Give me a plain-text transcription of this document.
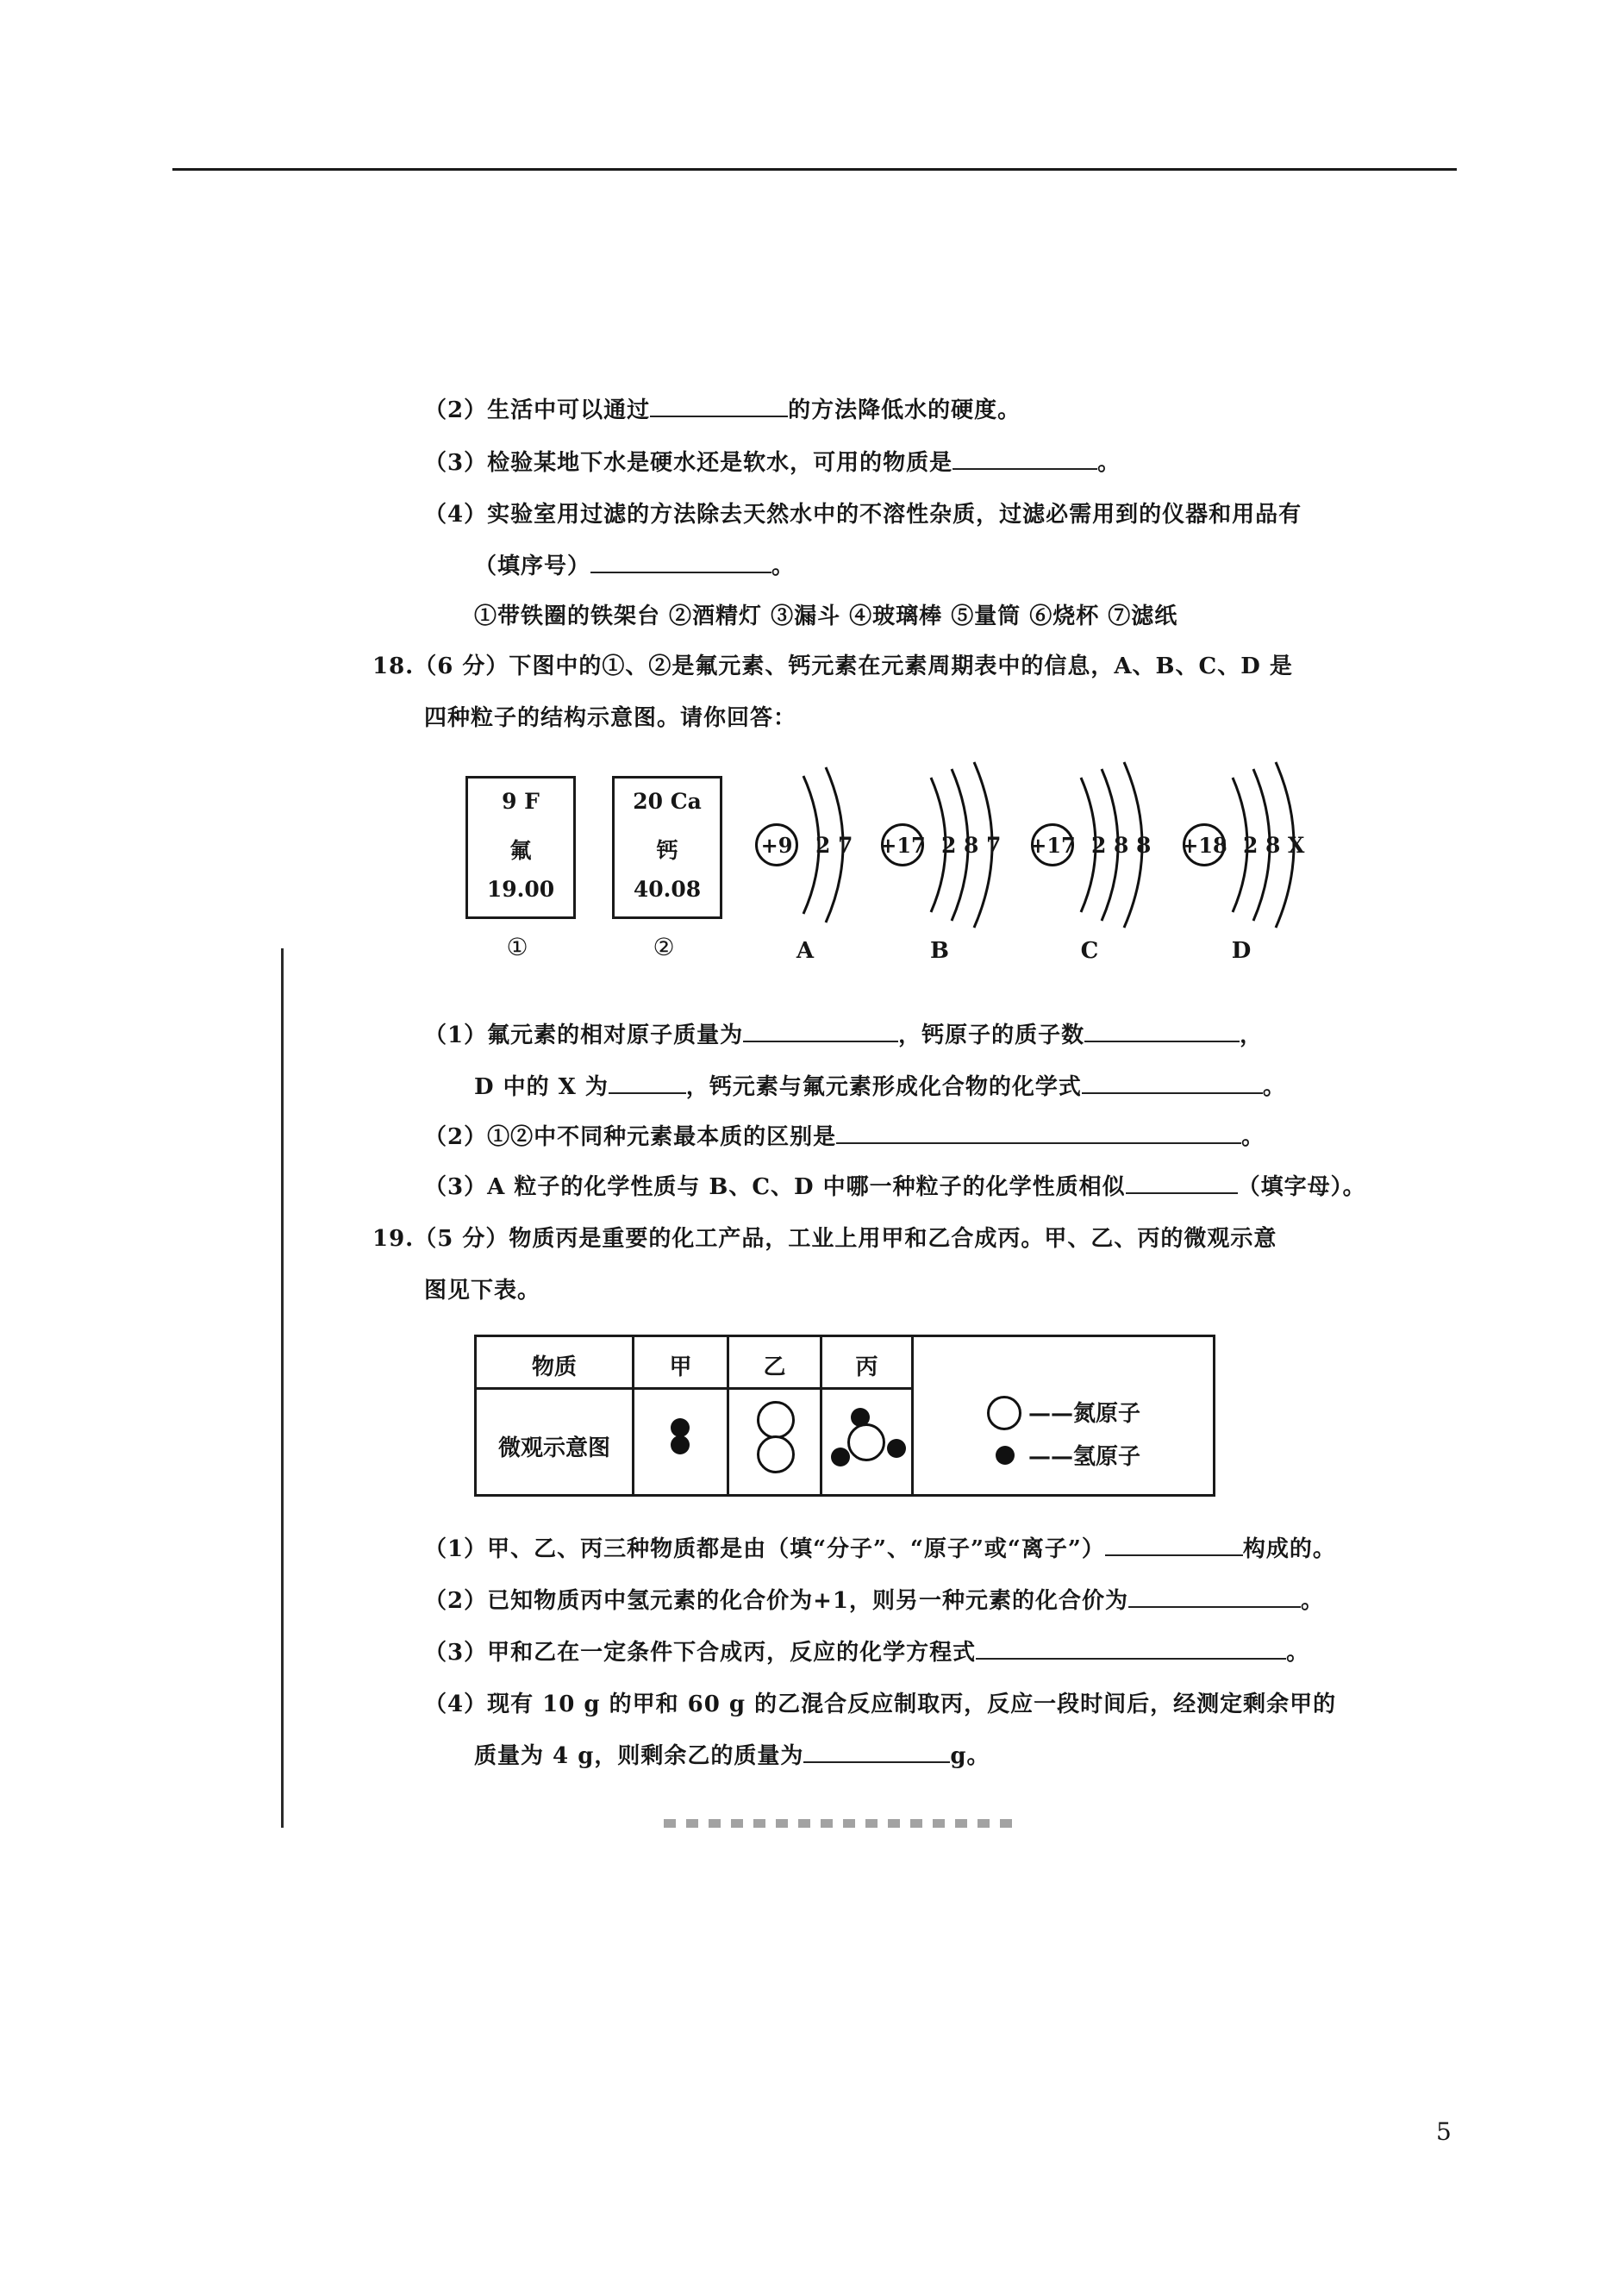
（2）生活中可以通过	的方法降低水的硬度。
（3）检验某地下水是硬水还是软水，可用的物质是	。
（4）实验室用过滤的方法除去天然水中的不溶性杂质，过滤必需用到的仪器和用品有
（填序号）	。
①带铁圈的铁架台 ②酒精灯 ③漏斗 ④玻璃棒 ⑤量筒 ⑥烧杯 ⑦滤纸
18.（6 分）下图中的①、②是氟元素、钙元素在元素周期表中的信息，A、B、C、D 是
四种粒子的结构示意图。请你回答：
9 F
氟
19.00
①
20 Ca
钙
40.08
②
+9 2 7
A
+17 2 8 7
B
+17 2 8 8
C
+18 2 8 X
D
（1）氟元素的相对原子质量为	，钙原子的质子数	，
D 中的 X 为	，钙元素与氟元素形成化合物的化学式	。
（2）①②中不同种元素最本质的区别是	。
（3）A 粒子的化学性质与 B、C、D 中哪一种粒子的化学性质相似	（填字母）。
19.（5 分）物质丙是重要的化工产品，工业上用甲和乙合成丙。甲、乙、丙的微观示意
图见下表。
物质	甲	乙	丙
微观示意图
——氮原子
——氢原子
（1）甲、乙、丙三种物质都是由（填“分子”、“原子”或“离子”）	构成的。
（2）已知物质丙中氢元素的化合价为+1，则另一种元素的化合价为	。
（3）甲和乙在一定条件下合成丙，反应的化学方程式	。
（4）现有 10 g 的甲和 60 g 的乙混合反应制取丙，反应一段时间后，经测定剩余甲的
质量为 4 g，则剩余乙的质量为	g。
5
